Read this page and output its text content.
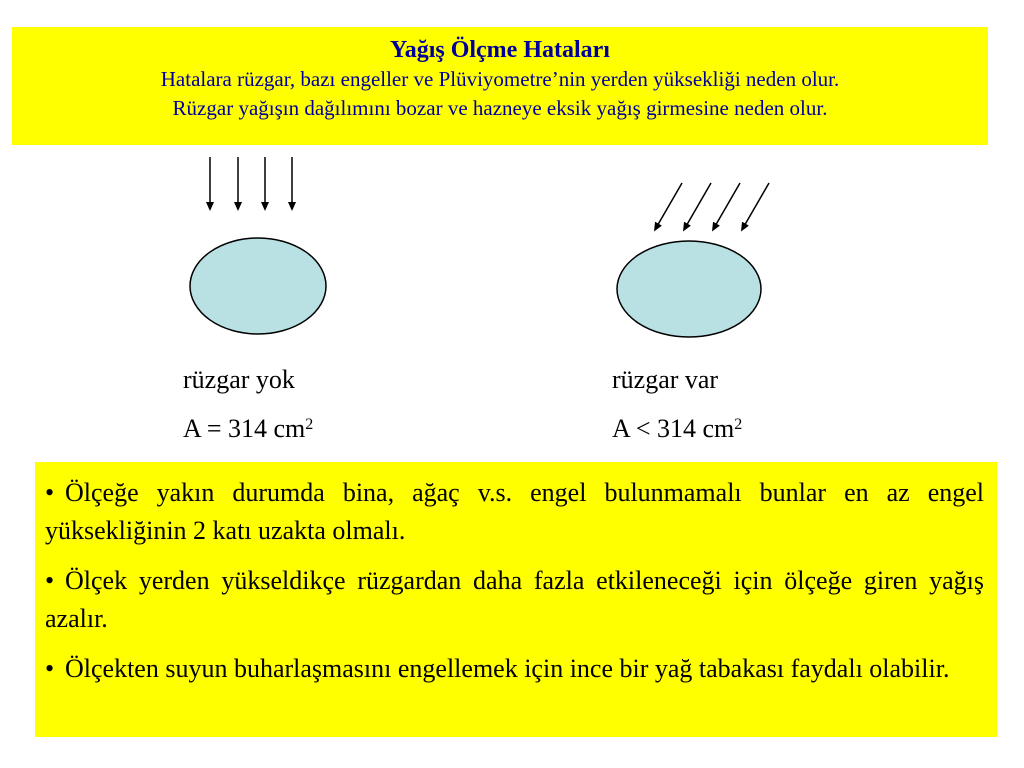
Yağış Ölçme Hataları
Hatalara rüzgar, bazı engeller ve Plüviyometre’nin yerden yüksekliği neden olur.
Rüzgar yağışın dağılımını bozar ve hazneye eksik yağış girmesine neden olur.
rüzgar yok
A = 314 $cm^2$
rüzgar var
A < 314 $cm^2$
• Ölçeğe yakın durumda bina, ağaç v.s. engel bulunmamalı bunlar en az engel yüksekliğinin 2 katı uzakta olmalı.
• Ölçek yerden yükseldikçe rüzgardan daha fazla etkileneceği için ölçeğe giren yağış azalır.
• Ölçekten suyun buharlaşmasını engellemek için ince bir yağ tabakası faydalı olabilir.
